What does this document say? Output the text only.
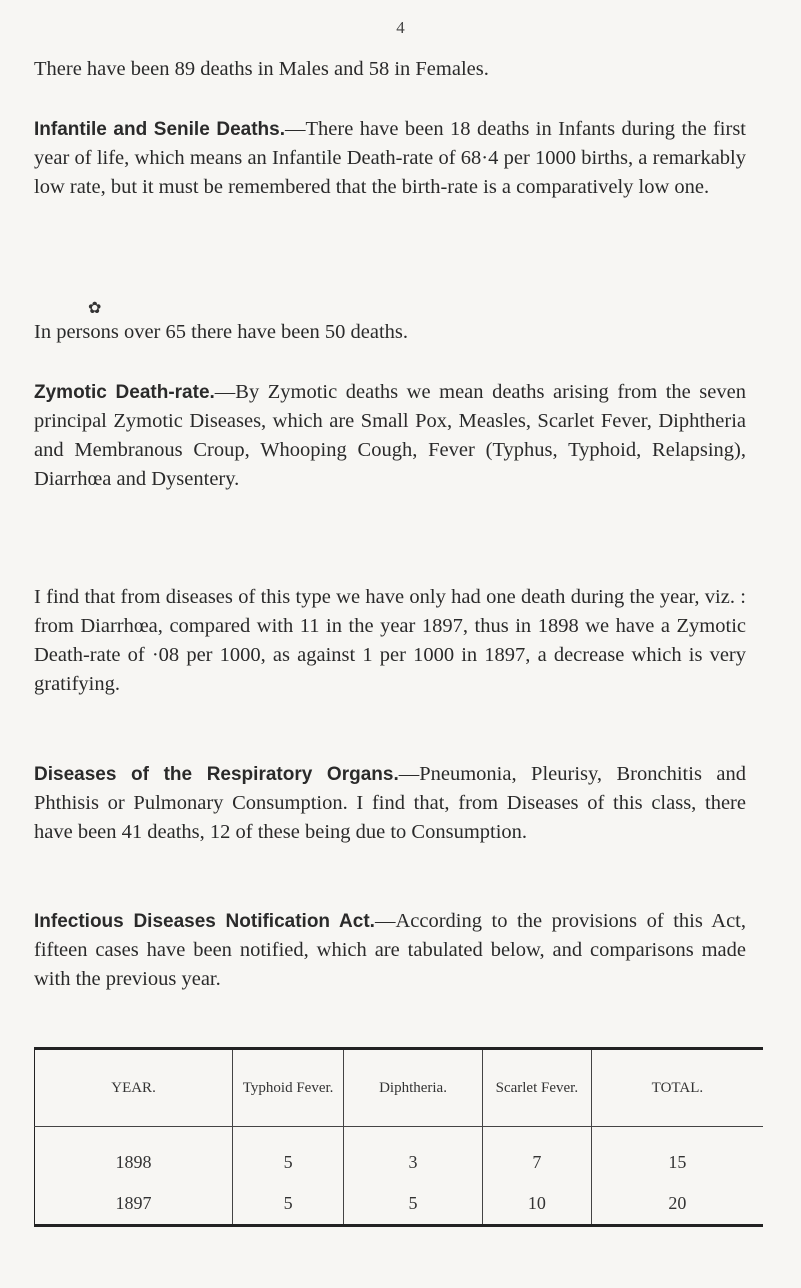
4

There have been 89 deaths in Males and 58 in Females.

Infantile and Senile Deaths.—There have been 18 deaths in Infants during the first year of life, which means an Infantile Death-rate of 68·4 per 1000 births, a remarkably low rate, but it must be remembered that the birth-rate is a comparatively low one.

✿

In persons over 65 there have been 50 deaths.

Zymotic Death-rate.—By Zymotic deaths we mean deaths arising from the seven principal Zymotic Diseases, which are Small Pox, Measles, Scarlet Fever, Diphtheria and Membranous Croup, Whooping Cough, Fever (Typhus, Typhoid, Relapsing), Diarrhœa and Dysentery.

I find that from diseases of this type we have only had one death during the year, viz. : from Diarrhœa, compared with 11 in the year 1897, thus in 1898 we have a Zymotic Death-rate of ·08 per 1000, as against 1 per 1000 in 1897, a decrease which is very gratifying.

Diseases of the Respiratory Organs.—Pneumonia, Pleurisy, Bronchitis and Phthisis or Pulmonary Consumption. I find that, from Diseases of this class, there have been 41 deaths, 12 of these being due to Consumption.

Infectious Diseases Notification Act.—According to the provisions of this Act, fifteen cases have been notified, which are tabulated below, and comparisons made with the previous year.

YEAR.	Typhoid Fever.	Diphtheria.	Scarlet Fever.	TOTAL.
1898	5	3	7	15
1897	5	5	10	20
